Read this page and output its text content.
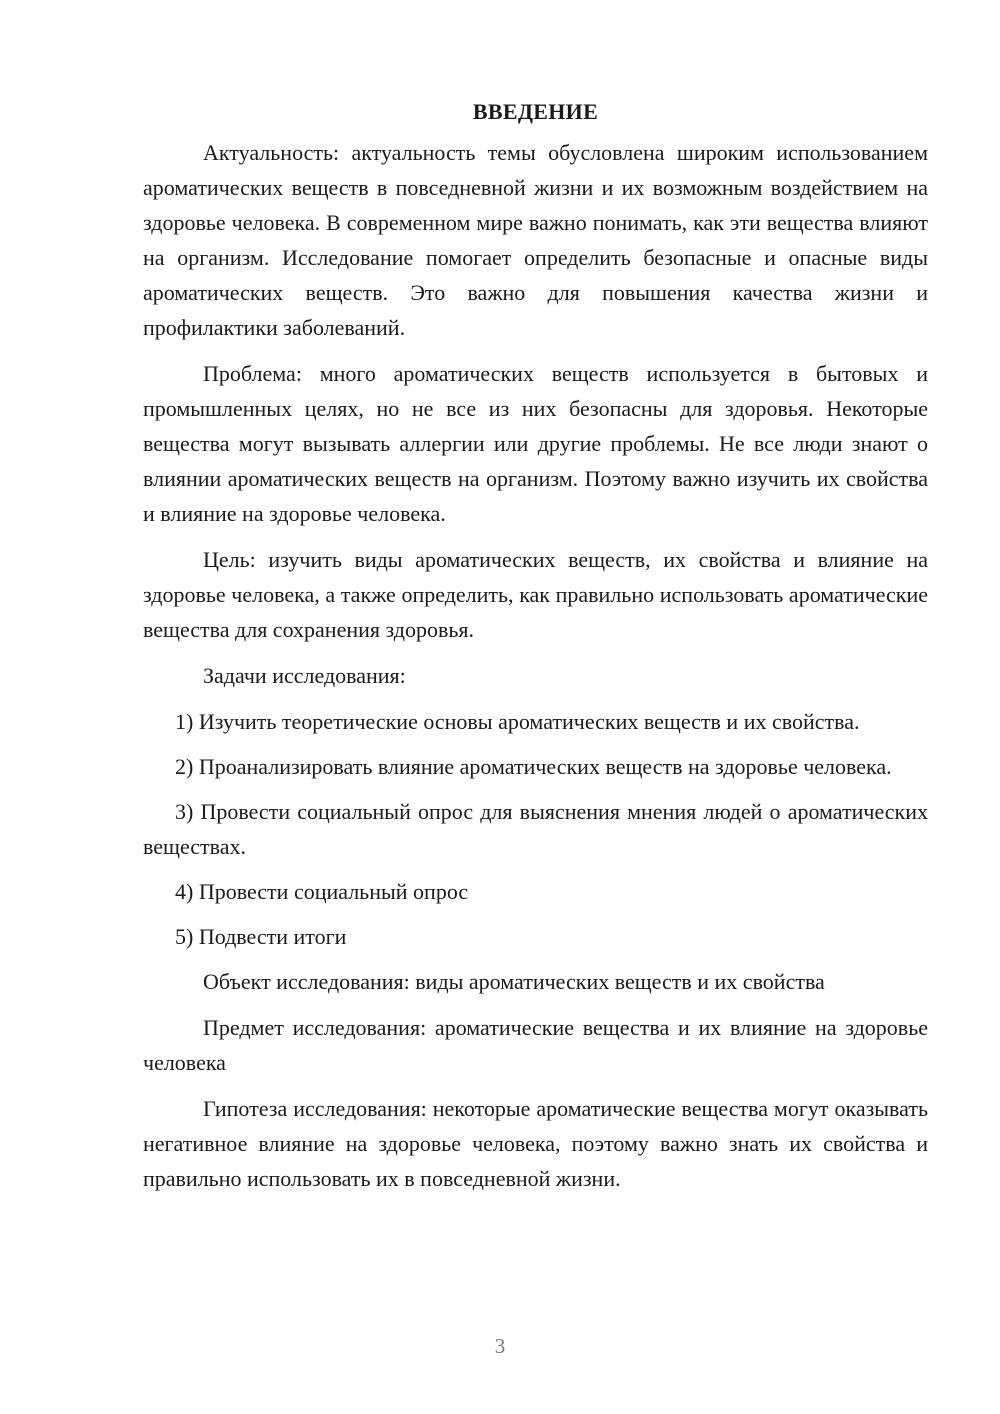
ВВЕДЕНИЕ

Актуальность: актуальность темы обусловлена широким использованием ароматических веществ в повседневной жизни и их возможным воздействием на здоровье человека. В современном мире важно понимать, как эти вещества влияют на организм. Исследование помогает определить безопасные и опасные виды ароматических веществ. Это важно для повышения качества жизни и профилактики заболеваний.

Проблема: много ароматических веществ используется в бытовых и промышленных целях, но не все из них безопасны для здоровья. Некоторые вещества могут вызывать аллергии или другие проблемы. Не все люди знают о влиянии ароматических веществ на организм. Поэтому важно изучить их свойства и влияние на здоровье человека.

Цель: изучить виды ароматических веществ, их свойства и влияние на здоровье человека, а также определить, как правильно использовать ароматические вещества для сохранения здоровья.

Задачи исследования:

1) Изучить теоретические основы ароматических веществ и их свойства.

2) Проанализировать влияние ароматических веществ на здоровье человека.

3) Провести социальный опрос для выяснения мнения людей о ароматических веществах.

4) Провести социальный опрос

5) Подвести итоги

Объект исследования: виды ароматических веществ и их свойства

Предмет исследования: ароматические вещества и их влияние на здоровье человека

Гипотеза исследования: некоторые ароматические вещества могут оказывать негативное влияние на здоровье человека, поэтому важно знать их свойства и правильно использовать их в повседневной жизни.

3
